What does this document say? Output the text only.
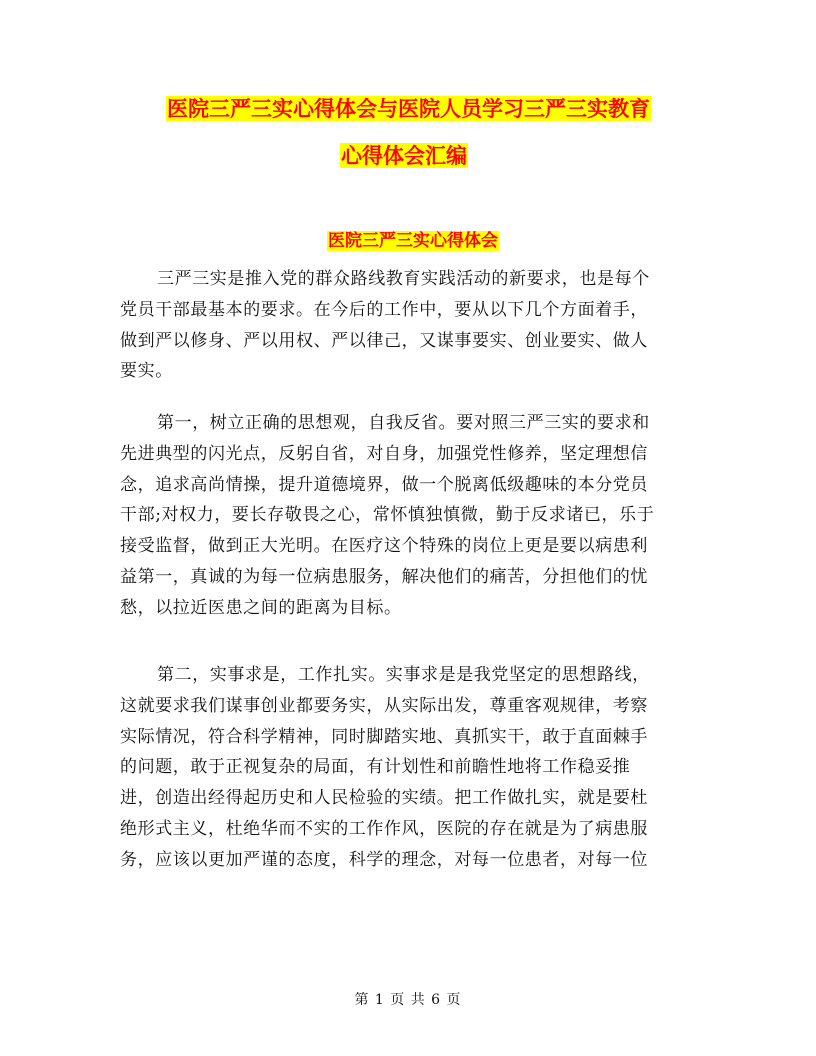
医院三严三实心得体会与医院人员学习三严三实教育
心得体会汇编
医院三严三实心得体会
三严三实是推入党的群众路线教育实践活动的新要求，也是每个
党员干部最基本的要求。在今后的工作中，要从以下几个方面着手，
做到严以修身、严以用权、严以律己，又谋事要实、创业要实、做人
要实。
第一，树立正确的思想观，自我反省。要对照三严三实的要求和
先进典型的闪光点，反躬自省，对自身，加强党性修养，坚定理想信
念，追求高尚情操，提升道德境界，做一个脱离低级趣味的本分党员
干部;对权力，要长存敬畏之心，常怀慎独慎微，勤于反求诸已，乐于
接受监督，做到正大光明。在医疗这个特殊的岗位上更是要以病患利
益第一，真诚的为每一位病患服务，解决他们的痛苦，分担他们的忧
愁，以拉近医患之间的距离为目标。
第二，实事求是，工作扎实。实事求是是我党坚定的思想路线，
这就要求我们谋事创业都要务实，从实际出发，尊重客观规律，考察
实际情况，符合科学精神，同时脚踏实地、真抓实干，敢于直面棘手
的问题，敢于正视复杂的局面，有计划性和前瞻性地将工作稳妥推
进，创造出经得起历史和人民检验的实绩。把工作做扎实，就是要杜
绝形式主义，杜绝华而不实的工作作风，医院的存在就是为了病患服
务，应该以更加严谨的态度，科学的理念，对每一位患者，对每一位
第 1 页 共 6 页
